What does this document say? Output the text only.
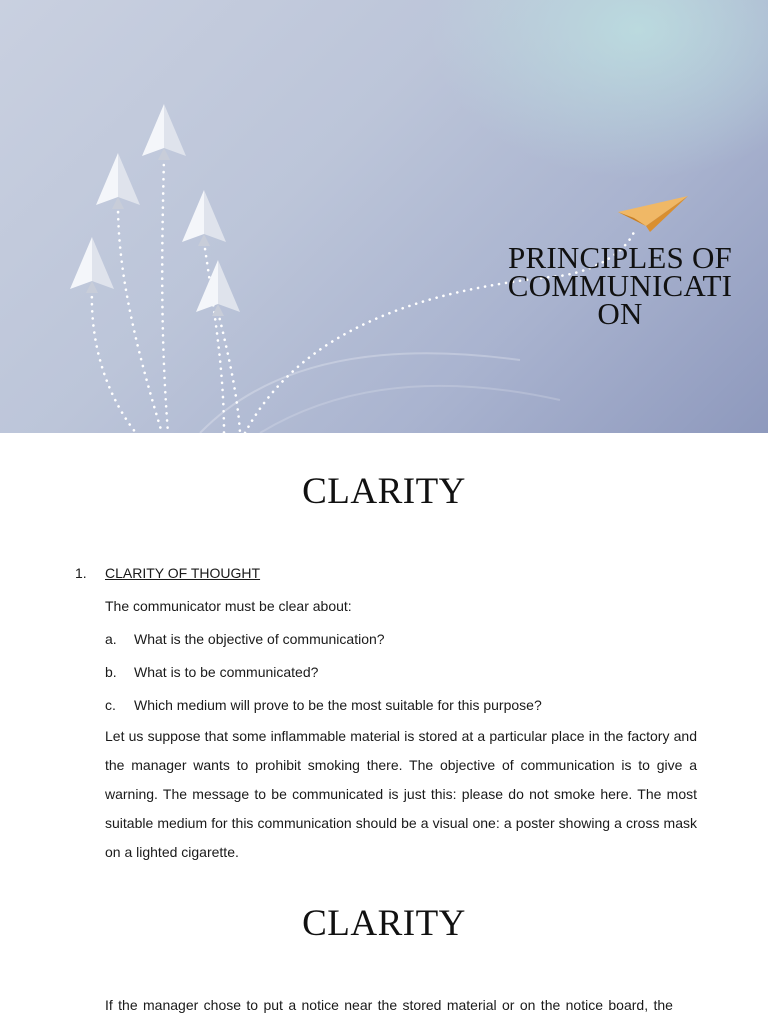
PRINCIPLES OF
COMMUNICATI
ON
CLARITY
1. CLARITY OF THOUGHT
The communicator must be clear about:
a. What is the objective of communication?
b. What is to be communicated?
c. Which medium will prove to be the most suitable for this purpose?

Let us suppose that some inflammable material is stored at a particular place in the factory and the manager wants to prohibit smoking there. The objective of communication is to give a warning. The message to be communicated is just this: please do not smoke here. The most suitable medium for this communication should be a visual one: a poster showing a cross mask on a lighted cigarette.

CLARITY

If the manager chose to put a notice near the stored material or on the notice board, the
